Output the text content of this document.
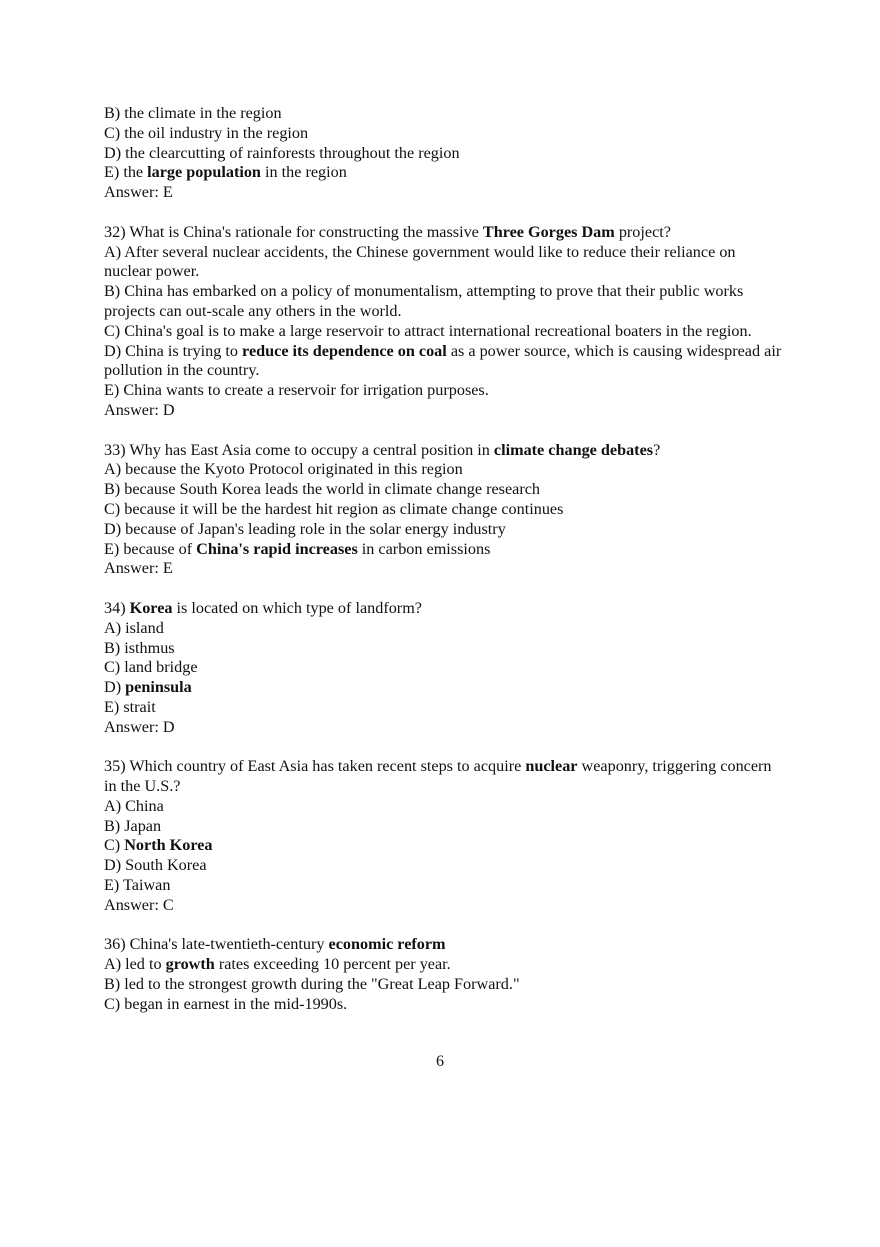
B) the climate in the region
C) the oil industry in the region
D) the clearcutting of rainforests throughout the region
E) the large population in the region
Answer: E
32) What is China's rationale for constructing the massive Three Gorges Dam project?
A) After several nuclear accidents, the Chinese government would like to reduce their reliance on nuclear power.
B) China has embarked on a policy of monumentalism, attempting to prove that their public works projects can out-scale any others in the world.
C) China's goal is to make a large reservoir to attract international recreational boaters in the region.
D) China is trying to reduce its dependence on coal as a power source, which is causing widespread air pollution in the country.
E) China wants to create a reservoir for irrigation purposes.
Answer: D
33) Why has East Asia come to occupy a central position in climate change debates?
A) because the Kyoto Protocol originated in this region
B) because South Korea leads the world in climate change research
C) because it will be the hardest hit region as climate change continues
D) because of Japan's leading role in the solar energy industry
E) because of China's rapid increases in carbon emissions
Answer: E
34) Korea is located on which type of landform?
A) island
B) isthmus
C) land bridge
D) peninsula
E) strait
Answer: D
35) Which country of East Asia has taken recent steps to acquire nuclear weaponry, triggering concern in the U.S.?
A) China
B) Japan
C) North Korea
D) South Korea
E) Taiwan
Answer: C
36) China's late-twentieth-century economic reform
A) led to growth rates exceeding 10 percent per year.
B) led to the strongest growth during the "Great Leap Forward."
C) began in earnest in the mid-1990s.
6
